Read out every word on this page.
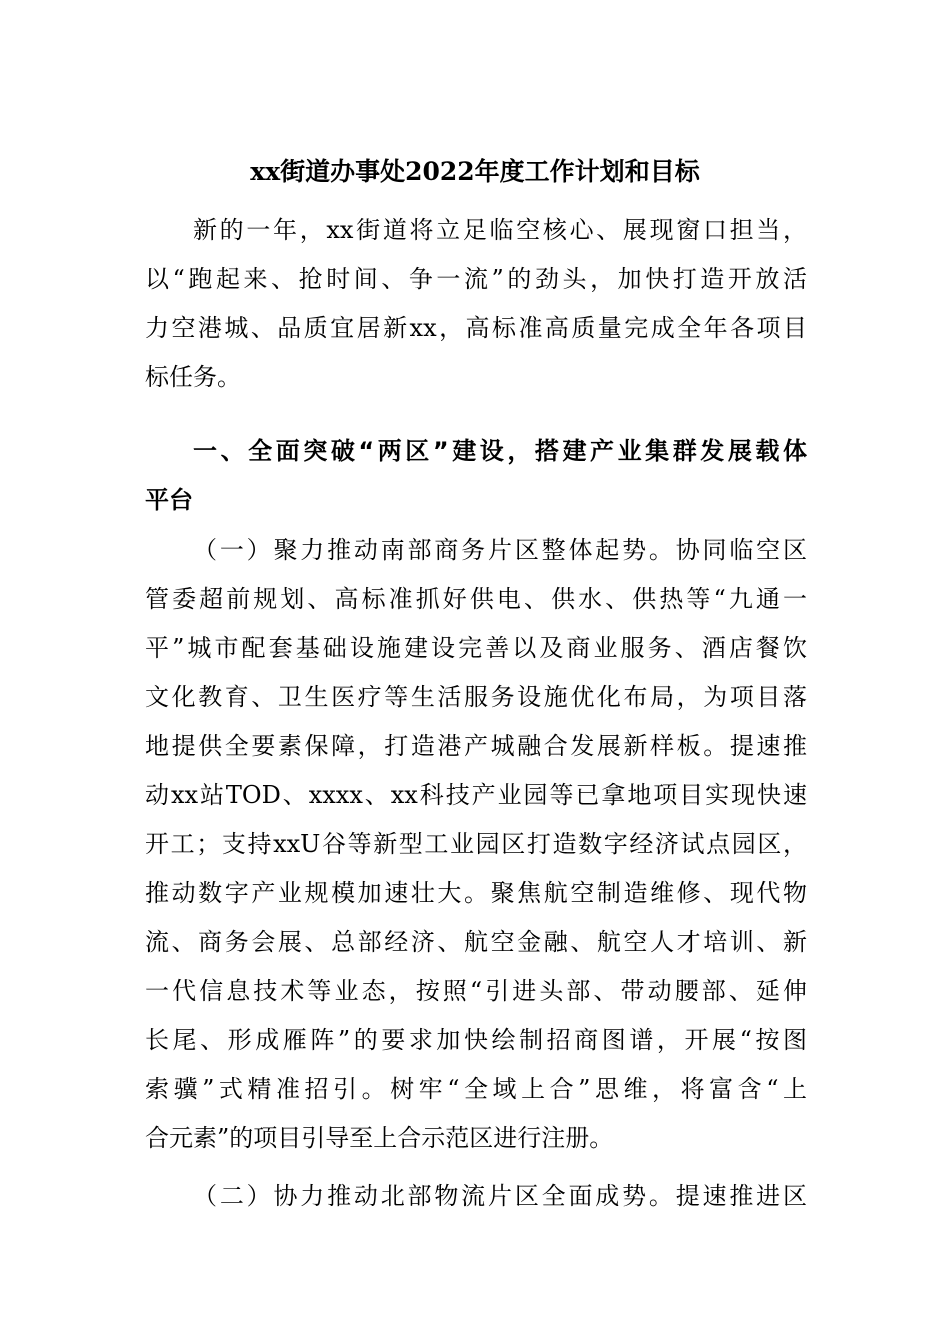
xx街道办事处2022年度工作计划和目标
新的一年，xx街道将立足临空核心、展现窗口担当，
以“跑起来、抢时间、争一流”的劲头，加快打造开放活
力空港城、品质宜居新xx，高标准高质量完成全年各项目
标任务。
一、全面突破“两区”建设，搭建产业集群发展载体
平台
（一）聚力推动南部商务片区整体起势。协同临空区
管委超前规划、高标准抓好供电、供水、供热等“九通一
平”城市配套基础设施建设完善以及商业服务、酒店餐饮
文化教育、卫生医疗等生活服务设施优化布局，为项目落
地提供全要素保障，打造港产城融合发展新样板。提速推
动xx站TOD、xxxx、xx科技产业园等已拿地项目实现快速
开工；支持xxU谷等新型工业园区打造数字经济试点园区，
推动数字产业规模加速壮大。聚焦航空制造维修、现代物
流、商务会展、总部经济、航空金融、航空人才培训、新
一代信息技术等业态，按照“引进头部、带动腰部、延伸
长尾、形成雁阵”的要求加快绘制招商图谱，开展“按图
索骥”式精准招引。树牢“全域上合”思维，将富含“上
合元素”的项目引导至上合示范区进行注册。
（二）协力推动北部物流片区全面成势。提速推进区
